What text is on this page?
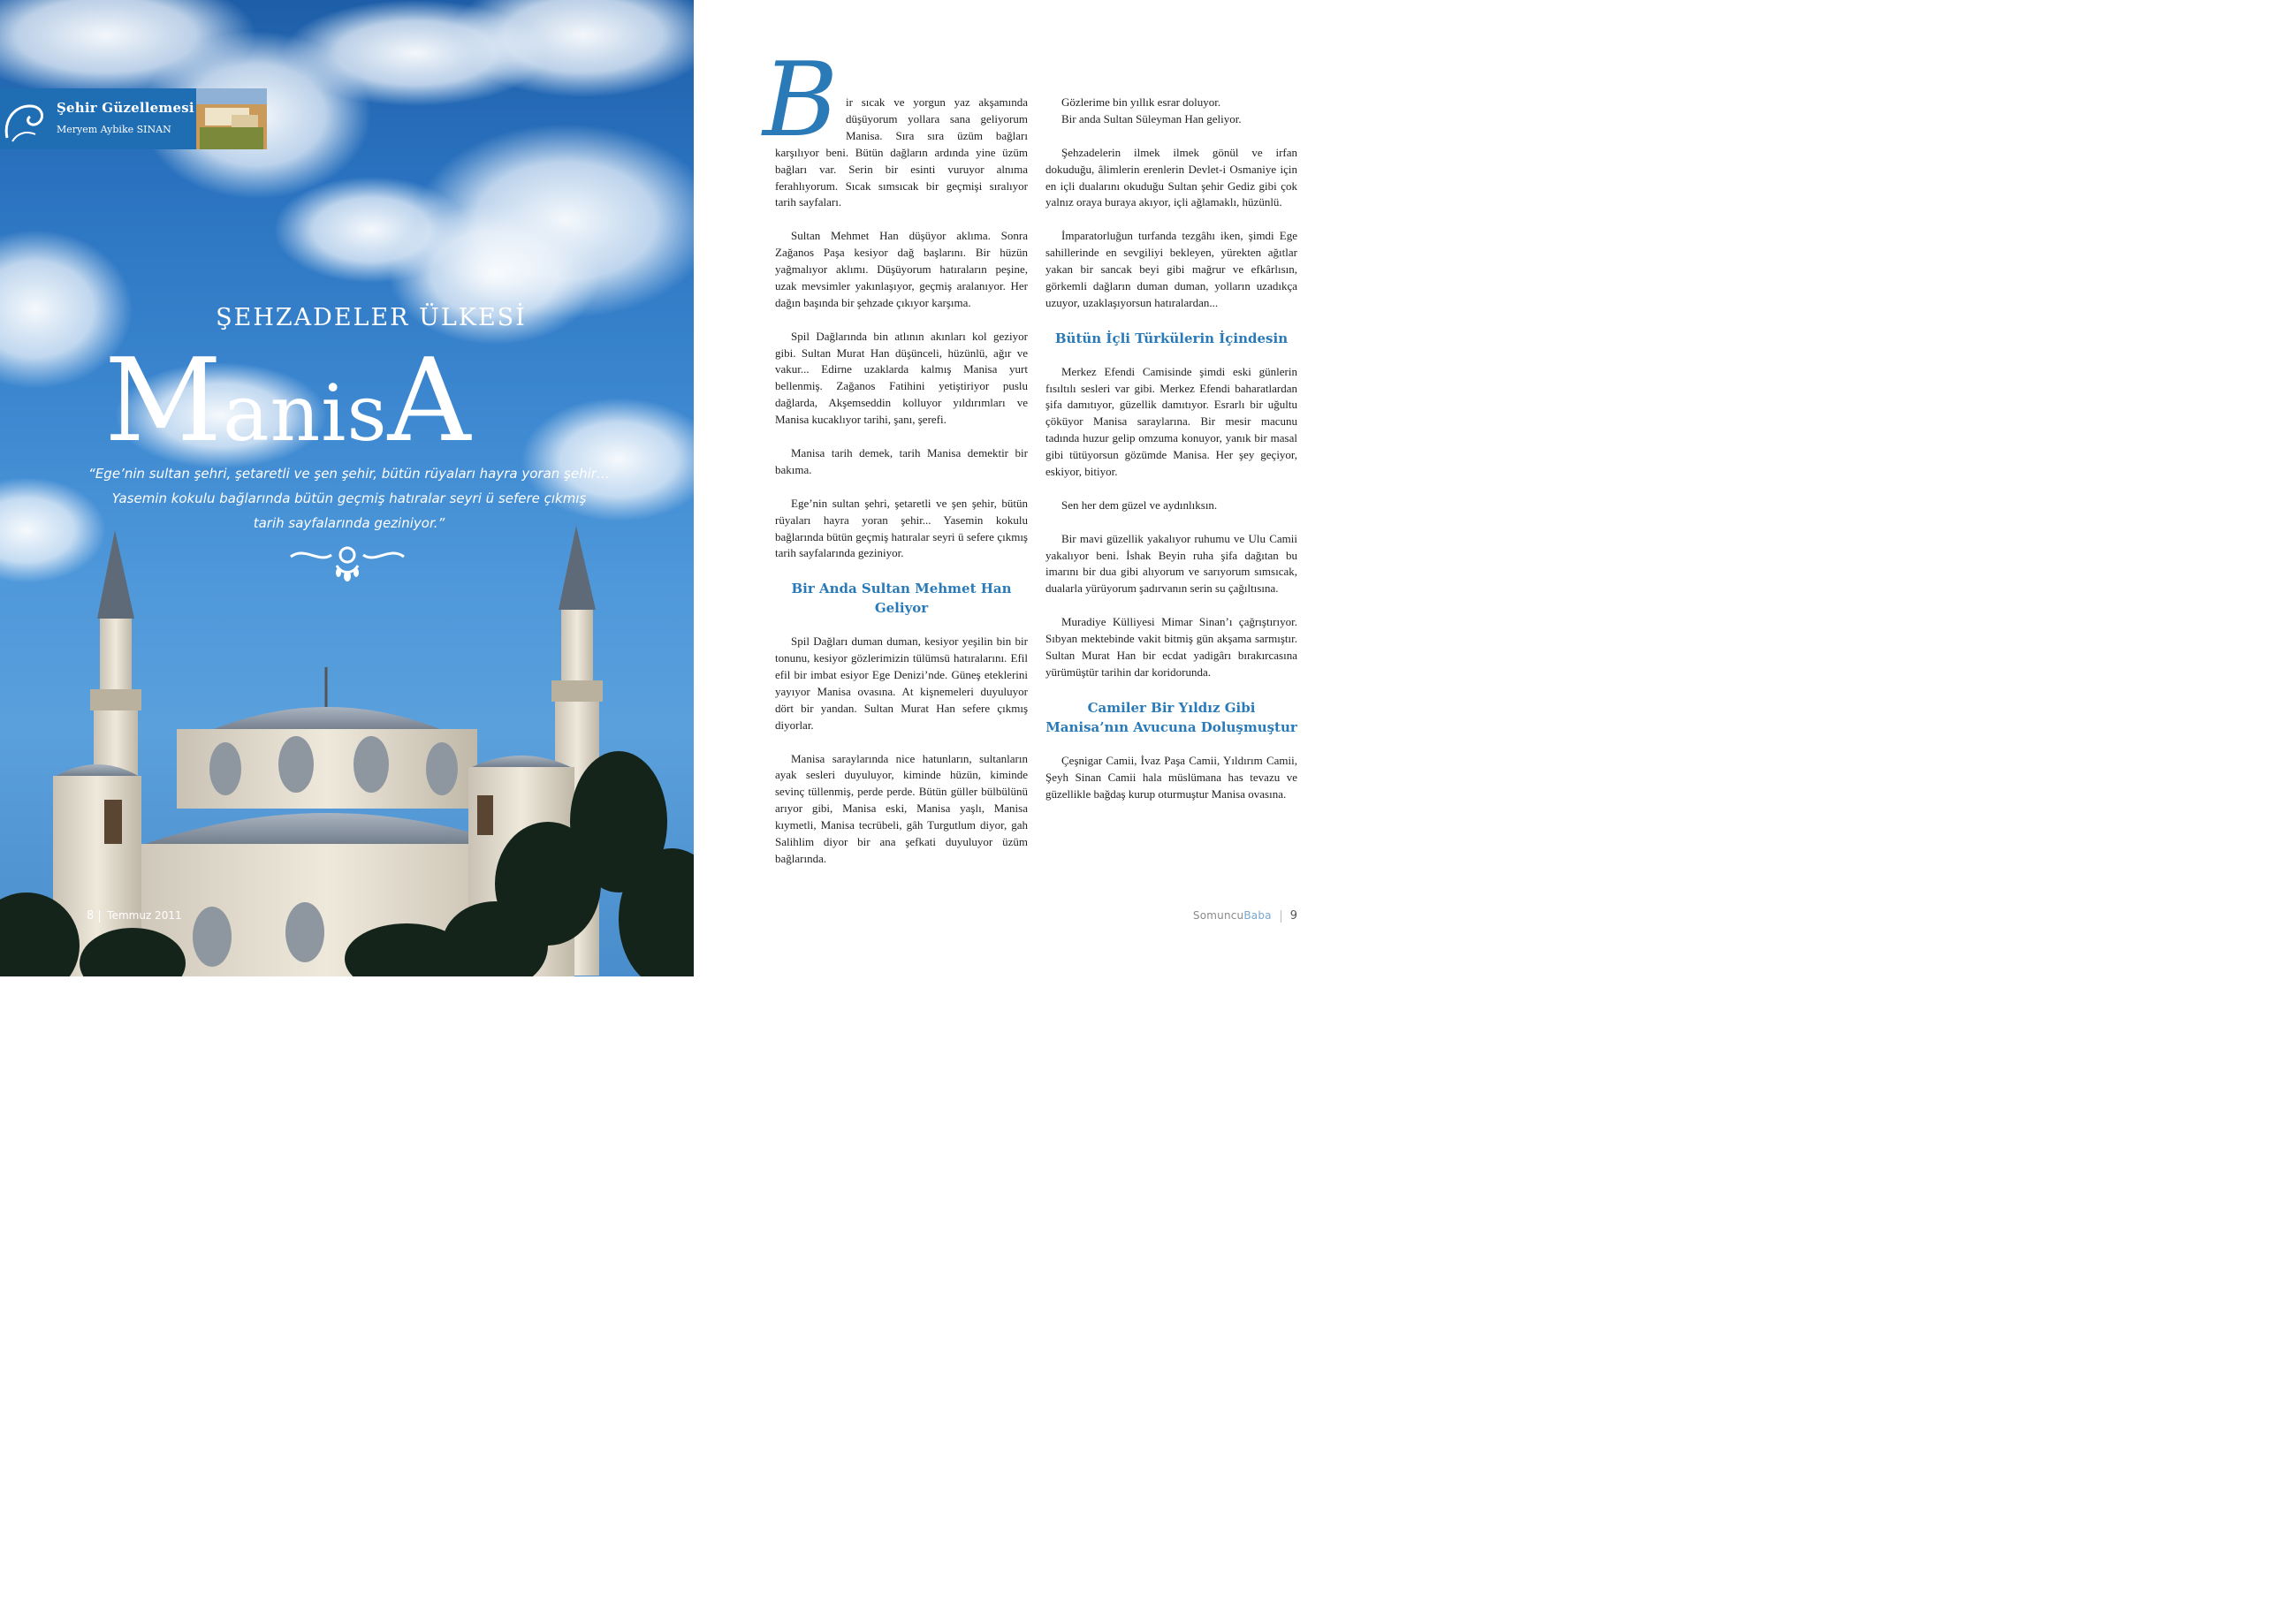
Şehir Güzellemesi
Meryem Aybike SINAN
ŞEHZADELER ÜLKESİ
ManisA
“Ege’nin sultan şehri, şetaretli ve şen şehir, bütün rüyaları hayra yoran şehir…
Yasemin kokulu bağlarında bütün geçmiş hatıralar seyri ü sefere çıkmış
tarih sayfalarında geziniyor.”
8 Temmuz 2011

Bir sıcak ve yorgun yaz akşamında düşüyorum yollara sana geliyorum Manisa. Sıra sıra üzüm bağları karşılıyor beni. Bütün dağların ardında yine üzüm bağları var. Serin bir esinti vuruyor alnıma ferahlıyorum. Sıcak sımsıcak bir geçmişi sıralıyor tarih sayfaları.

Sultan Mehmet Han düşüyor aklıma. Sonra Zağanos Paşa kesiyor dağ başlarını. Bir hüzün yağmalıyor aklımı. Düşüyorum hatıraların peşine, uzak mevsimler yakınlaşıyor, geçmiş aralanıyor. Her dağın başında bir şehzade çıkıyor karşıma.

Spil Dağlarında bin atlının akınları kol geziyor gibi. Sultan Murat Han düşünceli, hüzünlü, ağır ve vakur... Edirne uzaklarda kalmış Manisa yurt bellenmiş. Zağanos Fatihini yetiştiriyor puslu dağlarda, Akşemseddin kolluyor yıldırımları ve Manisa kucaklıyor tarihi, şanı, şerefi.

Manisa tarih demek, tarih Manisa demektir bir bakıma.

Ege’nin sultan şehri, şetaretli ve şen şehir, bütün rüyaları hayra yoran şehir... Yasemin kokulu bağlarında bütün geçmiş hatıralar seyri ü sefere çıkmış tarih sayfalarında geziniyor.

Bir Anda Sultan Mehmet Han Geliyor

Spil Dağları duman duman, kesiyor yeşilin bin bir tonunu, kesiyor gözlerimizin tülümsü hatıralarını. Efil efil bir imbat esiyor Ege Denizi’nde. Güneş eteklerini yayıyor Manisa ovasına. At kişnemeleri duyuluyor dört bir yandan. Sultan Murat Han sefere çıkmış diyorlar.

Manisa saraylarında nice hatunların, sultanların ayak sesleri duyuluyor, kiminde hüzün, kiminde sevinç tüllenmiş, perde perde. Bütün güller bülbülünü arıyor gibi, Manisa eski, Manisa yaşlı, Manisa kıymetli, Manisa tecrübeli, gâh Turgutlum diyor, gah Salihlim diyor bir ana şefkati duyuluyor üzüm bağlarında.

Gözlerime bin yıllık esrar doluyor.

Bir anda Sultan Süleyman Han geliyor.

Şehzadelerin ilmek ilmek gönül ve irfan dokuduğu, âlimlerin erenlerin Devlet-i Osmaniye için en içli dualarını okuduğu Sultan şehir Gediz gibi çok yalnız oraya buraya akıyor, içli ağlamaklı, hüzünlü.

İmparatorluğun turfanda tezgâhı iken, şimdi Ege sahillerinde en sevgiliyi bekleyen, yürekten ağıtlar yakan bir sancak beyi gibi mağrur ve efkârlısın, görkemli dağların duman duman, yolların uzadıkça uzuyor, uzaklaşıyorsun hatıralardan...

Bütün İçli Türkülerin İçindesin

Merkez Efendi Camisinde şimdi eski günlerin fısıltılı sesleri var gibi. Merkez Efendi baharatlardan şifa damıtıyor, güzellik damıtıyor. Esrarlı bir uğultu çöküyor Manisa saraylarına. Bir mesir macunu tadında huzur gelip omzuma konuyor, yanık bir masal gibi tütüyorsun gözümde Manisa. Her şey geçiyor, eskiyor, bitiyor.

Sen her dem güzel ve aydınlıksın.

Bir mavi güzellik yakalıyor ruhumu ve Ulu Camii yakalıyor beni. İshak Beyin ruha şifa dağıtan bu imarını bir dua gibi alıyorum ve sarıyorum sımsıcak, dualarla yürüyorum şadırvanın serin su çağıltısına.

Muradiye Külliyesi Mimar Sinan’ı çağrıştırıyor. Sıbyan mektebinde vakit bitmiş gün akşama sarmıştır. Sultan Murat Han bir ecdat yadigârı bırakırcasına yürümüştür tarihin dar koridorunda.

Camiler Bir Yıldız Gibi Manisa’nın Avucuna Doluşmuştur

Çeşnigar Camii, İvaz Paşa Camii, Yıldırım Camii, Şeyh Sinan Camii hala müslümana has tevazu ve güzellikle bağdaş kurup oturmuştur Manisa ovasına.

SomuncuBaba 9
